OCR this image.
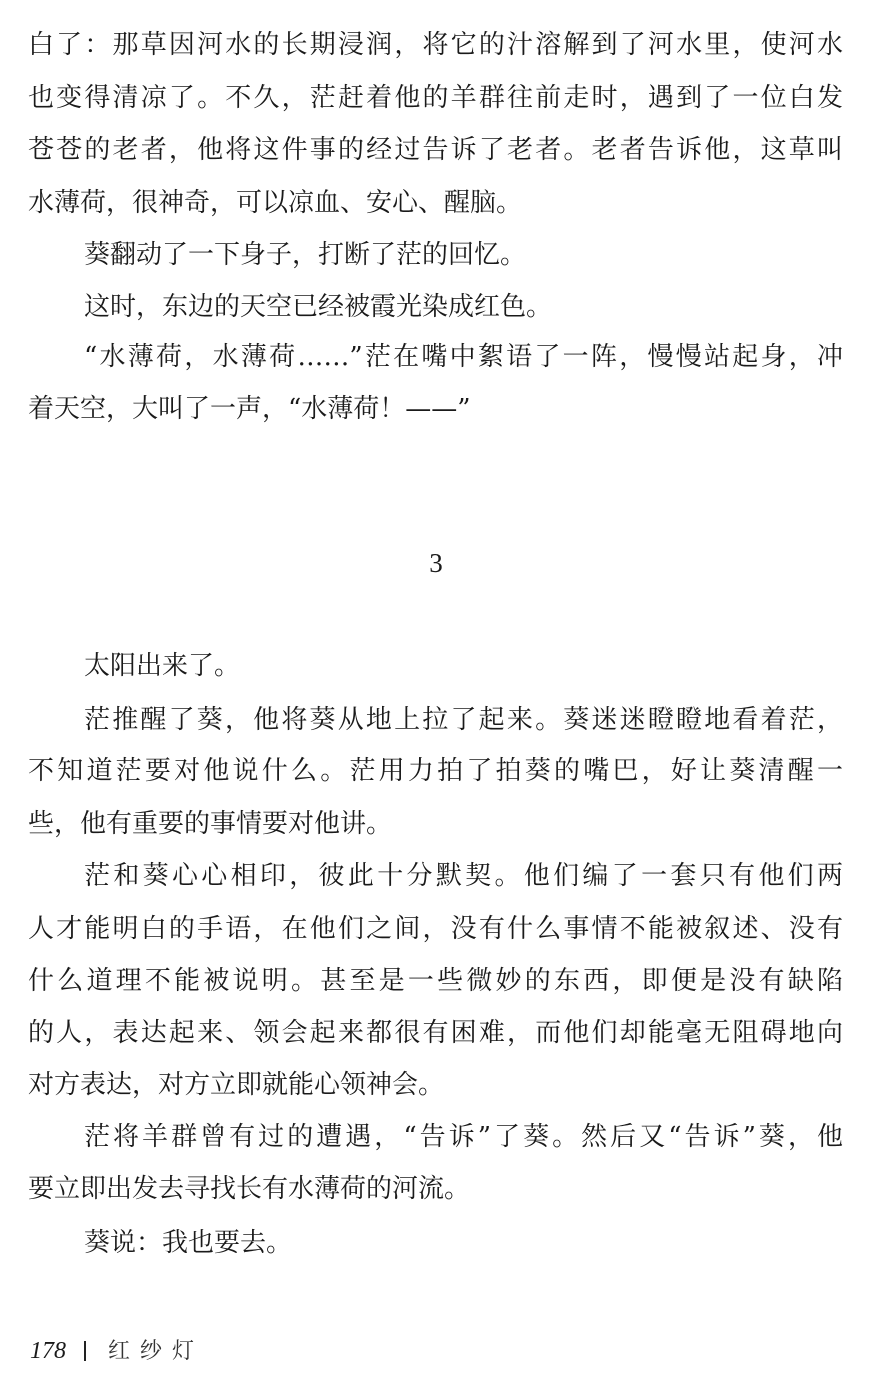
白了：那草因河水的长期浸润，将它的汁溶解到了河水里，使河水
也变得清凉了。不久，茫赶着他的羊群往前走时，遇到了一位白发
苍苍的老者，他将这件事的经过告诉了老者。老者告诉他，这草叫
水薄荷，很神奇，可以凉血、安心、醒脑。
葵翻动了一下身子，打断了茫的回忆。
这时，东边的天空已经被霞光染成红色。
“水薄荷，水薄荷……”茫在嘴中絮语了一阵，慢慢站起身，冲
着天空，大叫了一声，“水薄荷！——”
3
太阳出来了。
茫推醒了葵，他将葵从地上拉了起来。葵迷迷瞪瞪地看着茫，
不知道茫要对他说什么。茫用力拍了拍葵的嘴巴，好让葵清醒一
些，他有重要的事情要对他讲。
茫和葵心心相印，彼此十分默契。他们编了一套只有他们两
人才能明白的手语，在他们之间，没有什么事情不能被叙述、没有
什么道理不能被说明。甚至是一些微妙的东西，即便是没有缺陷
的人，表达起来、领会起来都很有困难，而他们却能毫无阻碍地向
对方表达，对方立即就能心领神会。
茫将羊群曾有过的遭遇，“告诉”了葵。然后又“告诉”葵，他
要立即出发去寻找长有水薄荷的河流。
葵说：我也要去。
178 红纱灯
